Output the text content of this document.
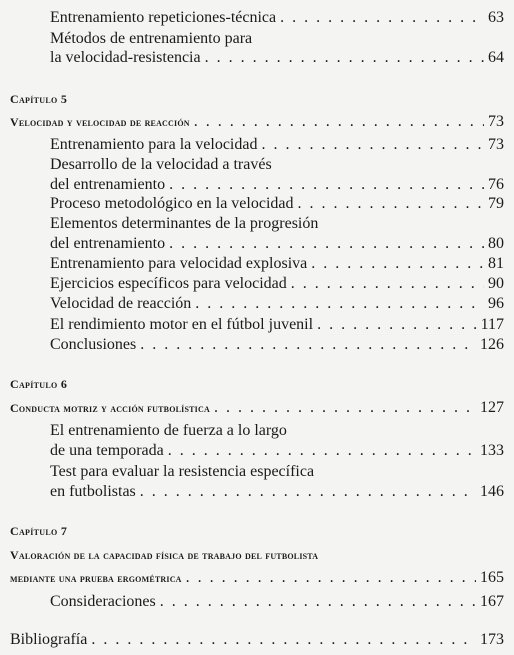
Entrenamiento repeticiones-técnica . . .	63
Métodos de entrenamiento para
la velocidad-resistencia . . .	64
Capítulo 5
Velocidad y velocidad de reacción . . .	73
Entrenamiento para la velocidad . . .	73
Desarrollo de la velocidad a través
del entrenamiento . . .	76
Proceso metodológico en la velocidad . . .	79
Elementos determinantes de la progresión
del entrenamiento . . .	80
Entrenamiento para velocidad explosiva . . .	81
Ejercicios específicos para velocidad . . .	90
Velocidad de reacción . . .	96
El rendimiento motor en el fútbol juvenil . . .	117
Conclusiones . . .	126
Capítulo 6
Conducta motriz y acción futbolística . . .	127
El entrenamiento de fuerza a lo largo
de una temporada . . .	133
Test para evaluar la resistencia específica
en futbolistas . . .	146
Capítulo 7
Valoración de la capacidad física de trabajo del futbolista
mediante una prueba ergométrica . . .	165
Consideraciones . . .	167
Bibliografía . . .	173
